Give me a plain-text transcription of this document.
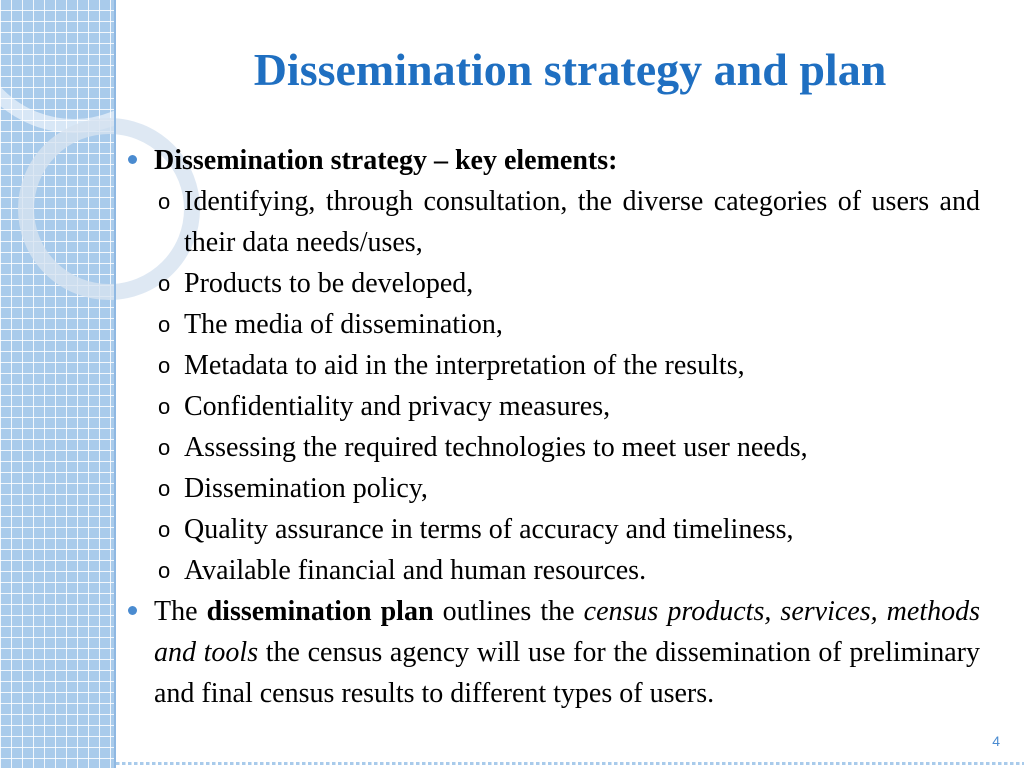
Dissemination strategy and plan
Dissemination strategy – key elements:
o Identifying, through consultation, the diverse categories of users and their data needs/uses,
o Products to be developed,
o The media of dissemination,
o Metadata to aid in the interpretation of the results,
o Confidentiality and privacy measures,
o Assessing the required technologies to meet user needs,
o Dissemination policy,
o Quality assurance in terms of accuracy and timeliness,
o Available financial and human resources.
The dissemination plan outlines the census products, services, methods and tools the census agency will use for the dissemination of preliminary and final census results to different types of users.
4
